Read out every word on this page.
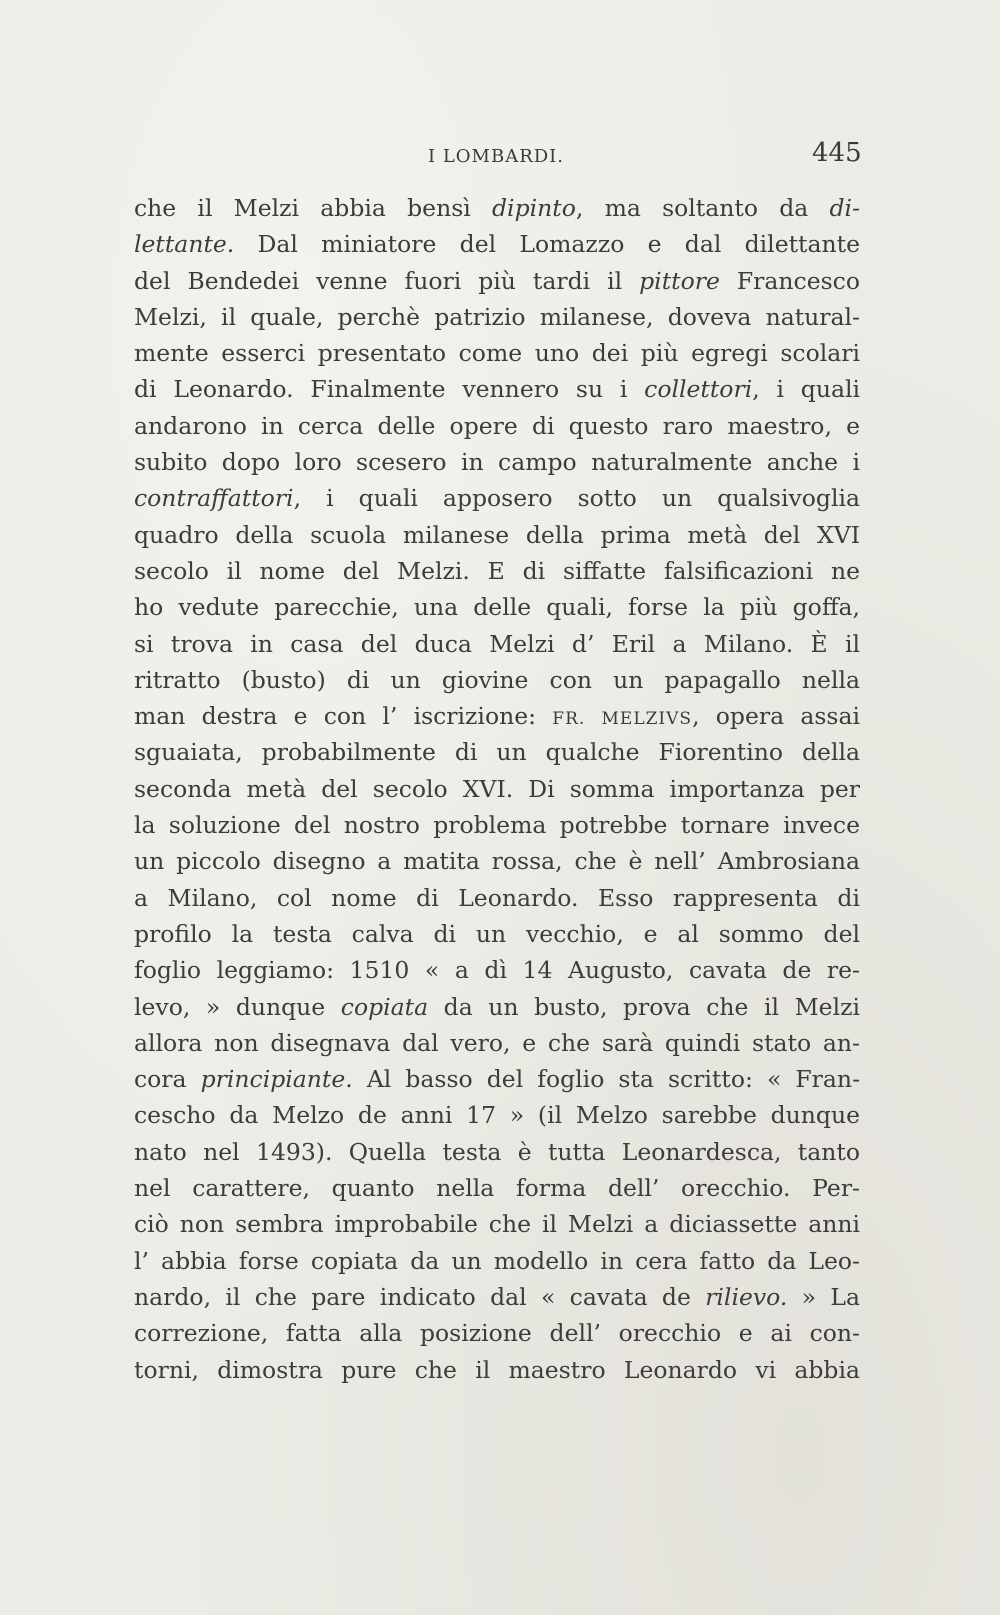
I LOMBARDI.	445
che il Melzi abbia bensì dipinto, ma soltanto da di-
lettante. Dal miniatore del Lomazzo e dal dilettante
del Bendedei venne fuori più tardi il pittore Francesco
Melzi, il quale, perchè patrizio milanese, doveva natural-
mente esserci presentato come uno dei più egregi scolari
di Leonardo. Finalmente vennero su i collettori, i quali
andarono in cerca delle opere di questo raro maestro, e
subito dopo loro scesero in campo naturalmente anche i
contraffattori, i quali apposero sotto un qualsivoglia
quadro della scuola milanese della prima metà del XVI
secolo il nome del Melzi. E di siffatte falsificazioni ne
ho vedute parecchie, una delle quali, forse la più goffa,
si trova in casa del duca Melzi d’ Eril a Milano. È il
ritratto (busto) di un giovine con un papagallo nella
man destra e con l’ iscrizione: FR. MELZIVS, opera assai
sguaiata, probabilmente di un qualche Fiorentino della
seconda metà del secolo XVI. Di somma importanza per
la soluzione del nostro problema potrebbe tornare invece
un piccolo disegno a matita rossa, che è nell’ Ambrosiana
a Milano, col nome di Leonardo. Esso rappresenta di
profilo la testa calva di un vecchio, e al sommo del
foglio leggiamo: 1510 « a dì 14 Augusto, cavata de re-
levo, » dunque copiata da un busto, prova che il Melzi
allora non disegnava dal vero, e che sarà quindi stato an-
cora principiante. Al basso del foglio sta scritto: « Fran-
cescho da Melzo de anni 17 » (il Melzo sarebbe dunque
nato nel 1493). Quella testa è tutta Leonardesca, tanto
nel carattere, quanto nella forma dell’ orecchio. Per-
ciò non sembra improbabile che il Melzi a diciassette anni
l’ abbia forse copiata da un modello in cera fatto da Leo-
nardo, il che pare indicato dal « cavata de rilievo. » La
correzione, fatta alla posizione dell’ orecchio e ai con-
torni, dimostra pure che il maestro Leonardo vi abbia
